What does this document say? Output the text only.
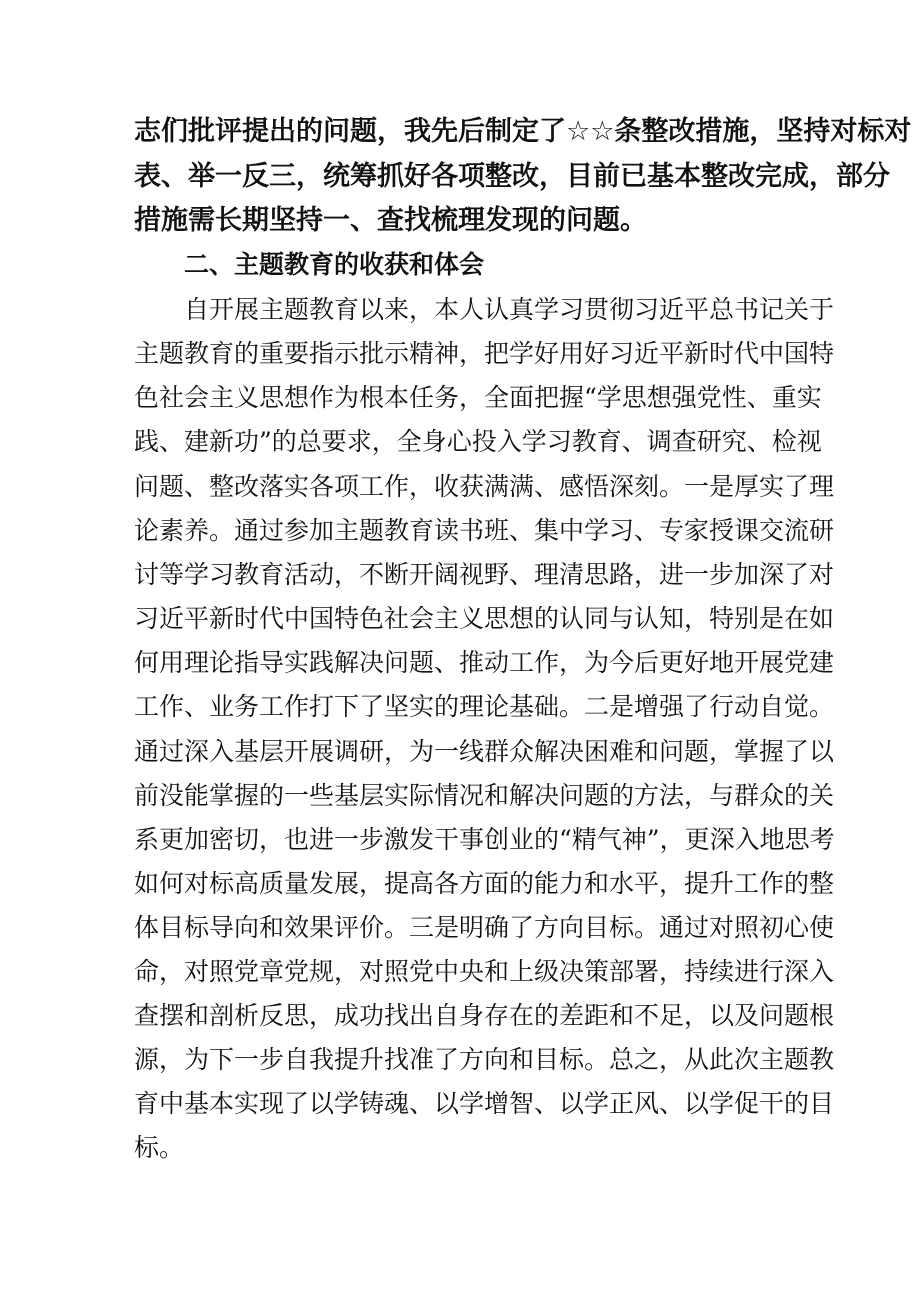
志们批评提出的问题，我先后制定了☆☆条整改措施，坚持对标对
表、举一反三，统筹抓好各项整改，目前已基本整改完成，部分
措施需长期坚持一、查找梳理发现的问题。
二、主题教育的收获和体会
自开展主题教育以来，本人认真学习贯彻习近平总书记关于
主题教育的重要指示批示精神，把学好用好习近平新时代中国特
色社会主义思想作为根本任务，全面把握“学思想强党性、重实
践、建新功”的总要求，全身心投入学习教育、调查研究、检视
问题、整改落实各项工作，收获满满、感悟深刻。一是厚实了理
论素养。通过参加主题教育读书班、集中学习、专家授课交流研
讨等学习教育活动，不断开阔视野、理清思路，进一步加深了对
习近平新时代中国特色社会主义思想的认同与认知，特别是在如
何用理论指导实践解决问题、推动工作，为今后更好地开展党建
工作、业务工作打下了坚实的理论基础。二是增强了行动自觉。
通过深入基层开展调研，为一线群众解决困难和问题，掌握了以
前没能掌握的一些基层实际情况和解决问题的方法，与群众的关
系更加密切，也进一步激发干事创业的“精气神”，更深入地思考
如何对标高质量发展，提高各方面的能力和水平，提升工作的整
体目标导向和效果评价。三是明确了方向目标。通过对照初心使
命，对照党章党规，对照党中央和上级决策部署，持续进行深入
查摆和剖析反思，成功找出自身存在的差距和不足，以及问题根
源，为下一步自我提升找准了方向和目标。总之，从此次主题教
育中基本实现了以学铸魂、以学增智、以学正风、以学促干的目
标。
